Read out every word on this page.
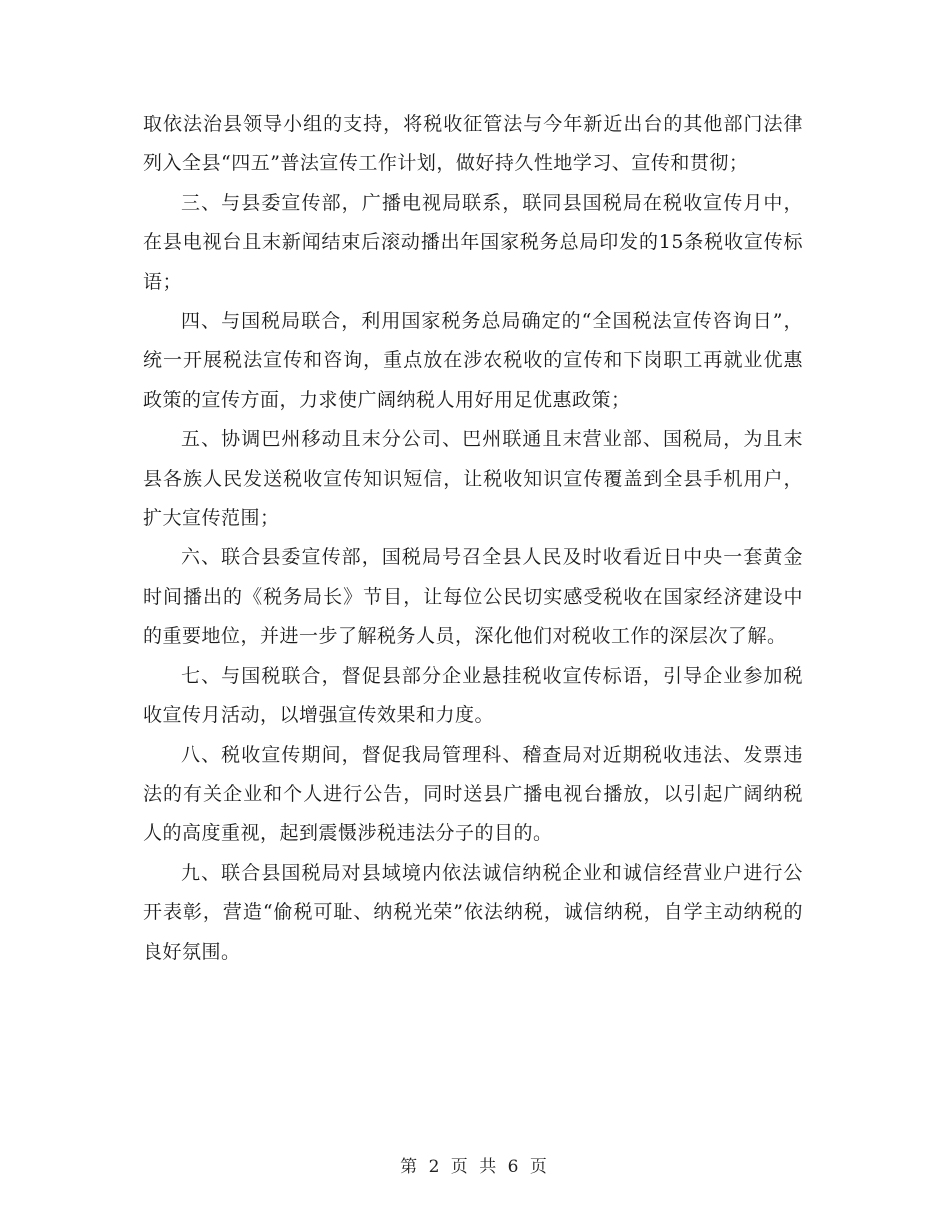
取依法治县领导小组的支持，将税收征管法与今年新近出台的其他部门法律列入全县“四五”普法宣传工作计划，做好持久性地学习、宣传和贯彻；

三、与县委宣传部，广播电视局联系，联同县国税局在税收宣传月中，在县电视台且末新闻结束后滚动播出年国家税务总局印发的15条税收宣传标语；

四、与国税局联合，利用国家税务总局确定的“全国税法宣传咨询日”，统一开展税法宣传和咨询，重点放在涉农税收的宣传和下岗职工再就业优惠政策的宣传方面，力求使广阔纳税人用好用足优惠政策；

五、协调巴州移动且末分公司、巴州联通且末营业部、国税局，为且末县各族人民发送税收宣传知识短信，让税收知识宣传覆盖到全县手机用户，扩大宣传范围；

六、联合县委宣传部，国税局号召全县人民及时收看近日中央一套黄金时间播出的《税务局长》节目，让每位公民切实感受税收在国家经济建设中的重要地位，并进一步了解税务人员，深化他们对税收工作的深层次了解。

七、与国税联合，督促县部分企业悬挂税收宣传标语，引导企业参加税收宣传月活动，以增强宣传效果和力度。

八、税收宣传期间，督促我局管理科、稽查局对近期税收违法、发票违法的有关企业和个人进行公告，同时送县广播电视台播放，以引起广阔纳税人的高度重视，起到震慑涉税违法分子的目的。

九、联合县国税局对县域境内依法诚信纳税企业和诚信经营业户进行公开表彰，营造“偷税可耻、纳税光荣”依法纳税，诚信纳税，自学主动纳税的良好氛围。

第 2 页 共 6 页
